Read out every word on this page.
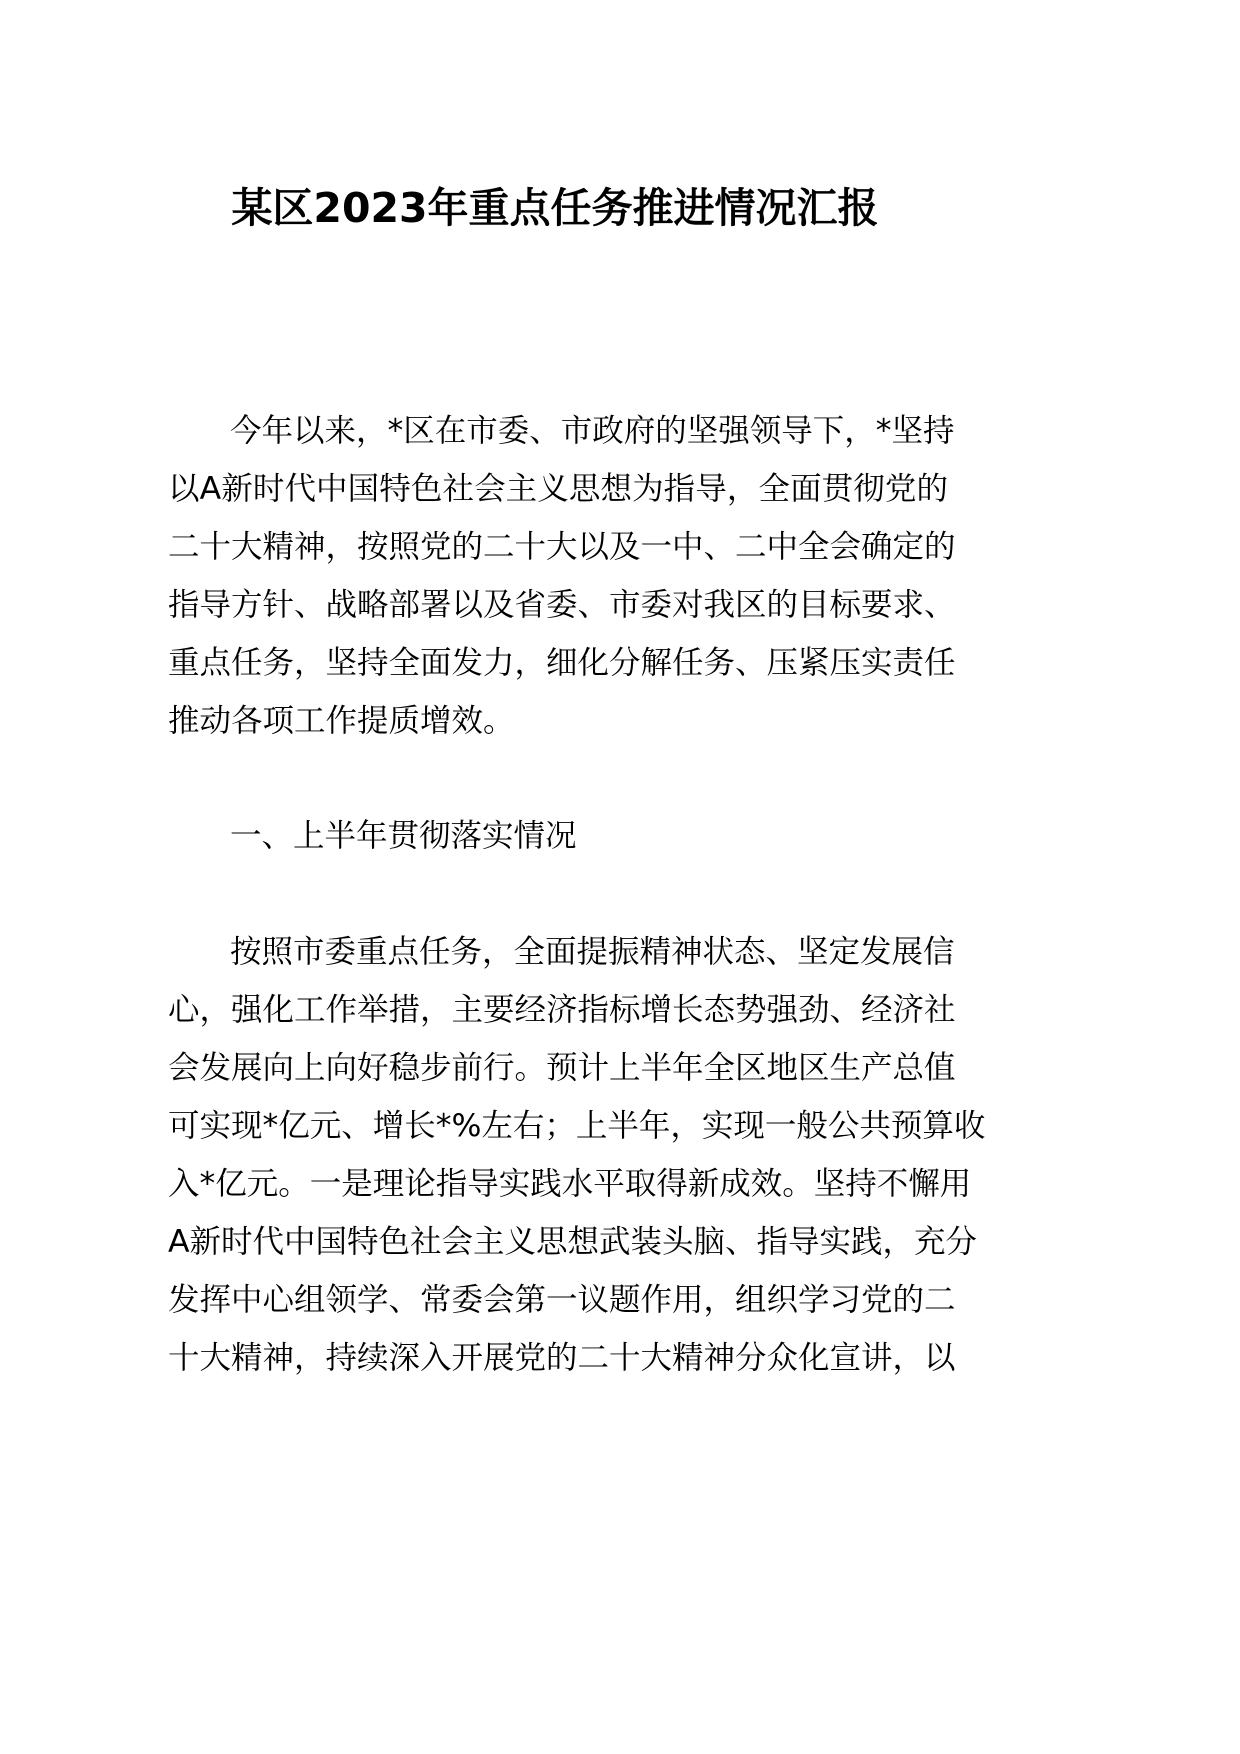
某区2023年重点任务推进情况汇报
今年以来，*区在市委、市政府的坚强领导下，*坚持
以A新时代中国特色社会主义思想为指导，全面贯彻党的
二十大精神，按照党的二十大以及一中、二中全会确定的
指导方针、战略部署以及省委、市委对我区的目标要求、
重点任务，坚持全面发力，细化分解任务、压紧压实责任
推动各项工作提质增效。
一、上半年贯彻落实情况
按照市委重点任务，全面提振精神状态、坚定发展信
心，强化工作举措，主要经济指标增长态势强劲、经济社
会发展向上向好稳步前行。预计上半年全区地区生产总值
可实现*亿元、增长*%左右；上半年，实现一般公共预算收
入*亿元。一是理论指导实践水平取得新成效。坚持不懈用
A新时代中国特色社会主义思想武装头脑、指导实践，充分
发挥中心组领学、常委会第一议题作用，组织学习党的二
十大精神，持续深入开展党的二十大精神分众化宣讲，以
